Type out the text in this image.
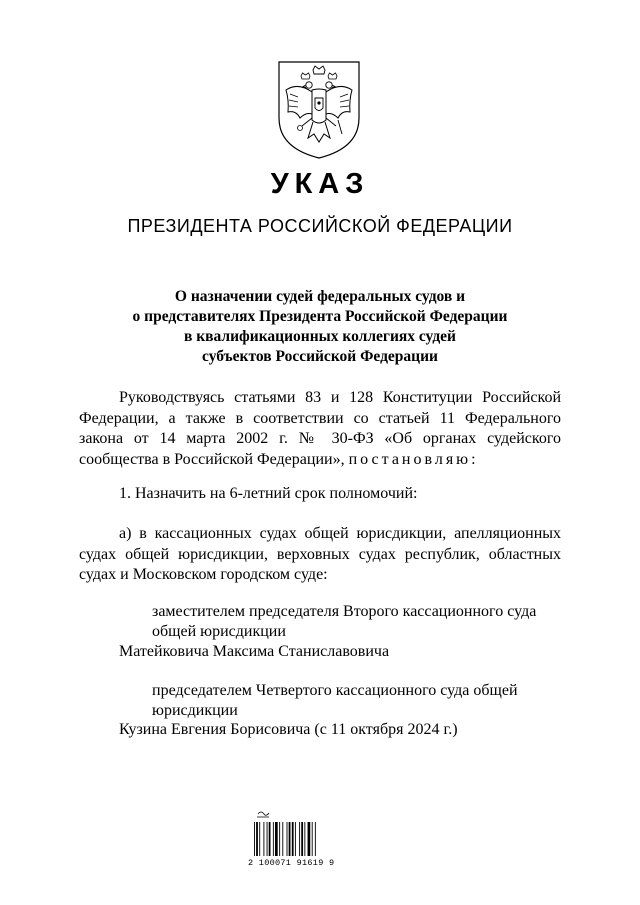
УКАЗ
ПРЕЗИДЕНТА РОССИЙСКОЙ ФЕДЕРАЦИИ
О назначении судей федеральных судов и
о представителях Президента Российской Федерации
в квалификационных коллегиях судей
субъектов Российской Федерации
Руководствуясь статьями 83 и 128 Конституции Российской Федерации, а также в соответствии со статьей 11 Федерального закона от 14 марта 2002 г. № 30-ФЗ «Об органах судейского сообщества в Российской Федерации», постановляю:
1. Назначить на 6-летний срок полномочий:
а) в кассационных судах общей юрисдикции, апелляционных судах общей юрисдикции, верховных судах республик, областных судах и Московском городском суде:
заместителем председателя Второго кассационного суда общей юрисдикции
Матейковича Максима Станиславовича
председателем Четвертого кассационного суда общей юрисдикции
Кузина Евгения Борисовича (с 11 октября 2024 г.)
2 100071 91619 9
